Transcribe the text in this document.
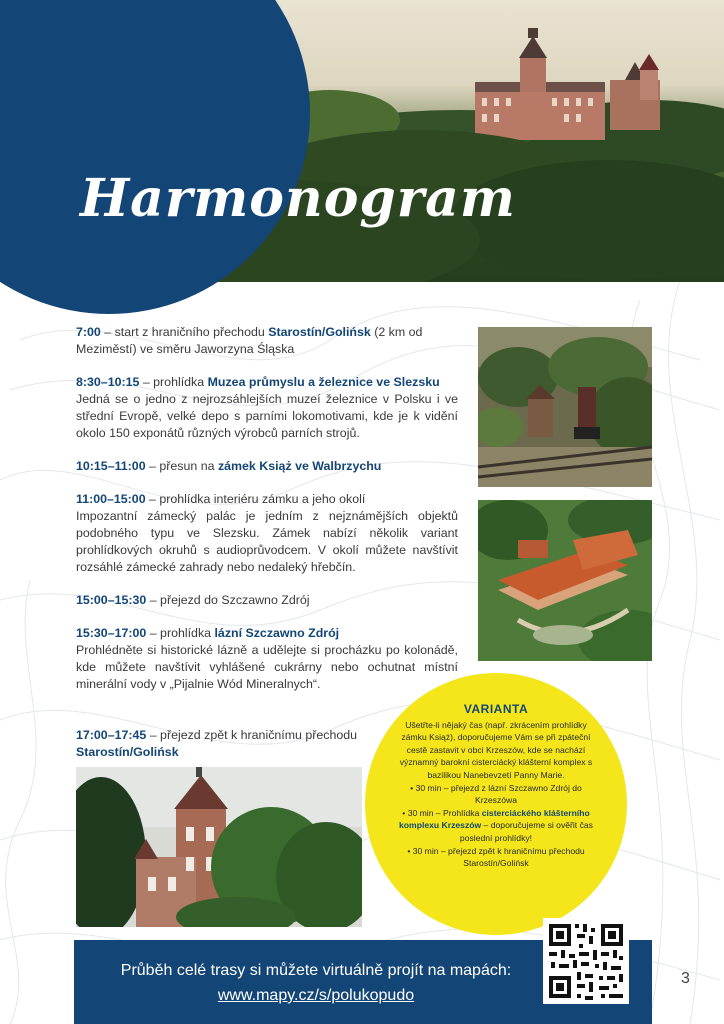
Harmonogram

7:00 – start z hraničního přechodu Starostín/Golińsk (2 km od Meziměstí) ve směru Jaworzyna Śląska

8:30–10:15 – prohlídka Muzea průmyslu a železnice ve Slezsku
Jedná se o jedno z nejrozsáhlejších muzeí železnice v Polsku i ve střední Evropě, velké depo s parními lokomotivami, kde je k vidění okolo 150 exponátů různých výrobců parních strojů.

10:15–11:00 – přesun na zámek Książ ve Walbrzychu

11:00–15:00 – prohlídka interiéru zámku a jeho okolí
Impozantní zámecký palác je jedním z nejznámějších objektů podobného typu ve Slezsku. Zámek nabízí několik variant prohlídkových okruhů s audioprůvodcem. V okolí můžete navštívit rozsáhlé zámecké zahrady nebo nedaleký hřebčín.

15:00–15:30 – přejezd do Szczawno Zdrój

15:30–17:00 – prohlídka lázní Szczawno Zdrój
Prohlédněte si historické lázně a udělejte si procházku po kolonádě, kde můžete navštívit vyhlášené cukrárny nebo ochutnat místní minerální vody v „Pijalnie Wód Mineralnych“.

17:00–17:45 – přejezd zpět k hraničnímu přechodu Starostín/Golińsk

VARIANTA
Ušetřte-li nějaký čas (např. zkrácením prohlídky zámku Książ), doporučujeme Vám se při zpáteční cestě zastavit v obci Krzeszów, kde se nachází významný barokní cisterciácký klášterní komplex s bazilikou Nanebevzetí Panny Marie.
• 30 min – přejezd z lázní Szczawno Zdrój do Krzeszówa
• 30 min – Prohlídka cisterciáckého klášterního komplexu Krzeszów – doporučujeme si ověřit čas poslední prohlídky!
• 30 min – přejezd zpět k hraničnímu přechodu Starostín/Golińsk
Průběh celé trasy si můžete virtuálně projít na mapách:
www.mapy.cz/s/polukopudo
3
